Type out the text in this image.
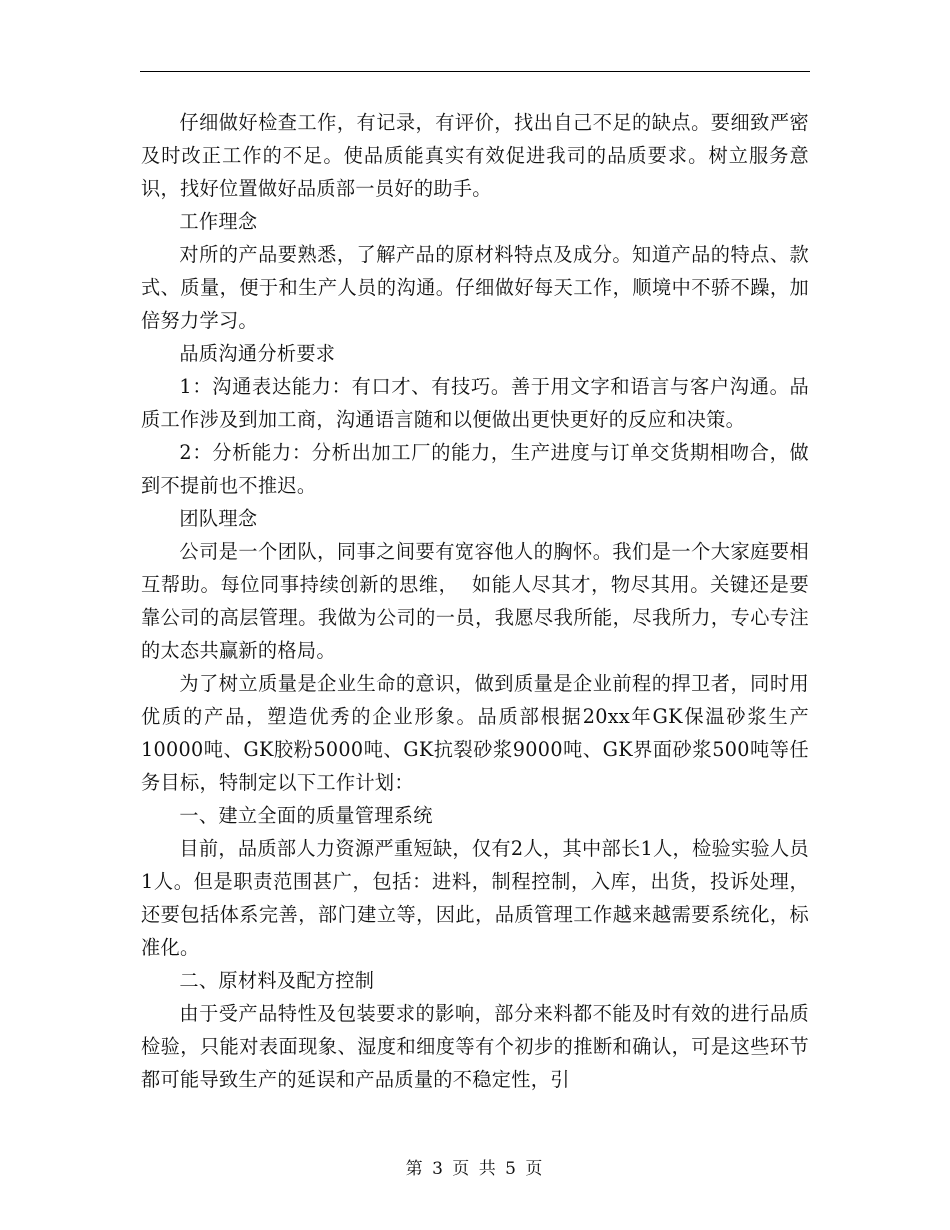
仔细做好检查工作，有记录，有评价，找出自己不足的缺点。要细致严密及时改正工作的不足。使品质能真实有效促进我司的品质要求。树立服务意识，找好位置做好品质部一员好的助手。

工作理念

对所的产品要熟悉，了解产品的原材料特点及成分。知道产品的特点、款式、质量，便于和生产人员的沟通。仔细做好每天工作，顺境中不骄不躁，加倍努力学习。

品质沟通分析要求

1：沟通表达能力：有口才、有技巧。善于用文字和语言与客户沟通。品质工作涉及到加工商，沟通语言随和以便做出更快更好的反应和决策。

2：分析能力：分析出加工厂的能力，生产进度与订单交货期相吻合，做到不提前也不推迟。

团队理念

公司是一个团队，同事之间要有宽容他人的胸怀。我们是一个大家庭要相互帮助。每位同事持续创新的思维，  如能人尽其才，物尽其用。关键还是要靠公司的高层管理。我做为公司的一员，我愿尽我所能，尽我所力，专心专注的太态共赢新的格局。

为了树立质量是企业生命的意识，做到质量是企业前程的捍卫者，同时用优质的产品，塑造优秀的企业形象。品质部根据20xx年GK保温砂浆生产10000吨、GK胶粉5000吨、GK抗裂砂浆9000吨、GK界面砂浆500吨等任务目标，特制定以下工作计划：

一、建立全面的质量管理系统

目前，品质部人力资源严重短缺，仅有2人，其中部长1人，检验实验人员1人。但是职责范围甚广，包括：进料，制程控制，入库，出货，投诉处理，还要包括体系完善，部门建立等，因此，品质管理工作越来越需要系统化，标准化。

二、原材料及配方控制

由于受产品特性及包装要求的影响，部分来料都不能及时有效的进行品质检验，只能对表面现象、湿度和细度等有个初步的推断和确认，可是这些环节都可能导致生产的延误和产品质量的不稳定性，引

第 3 页 共 5 页
